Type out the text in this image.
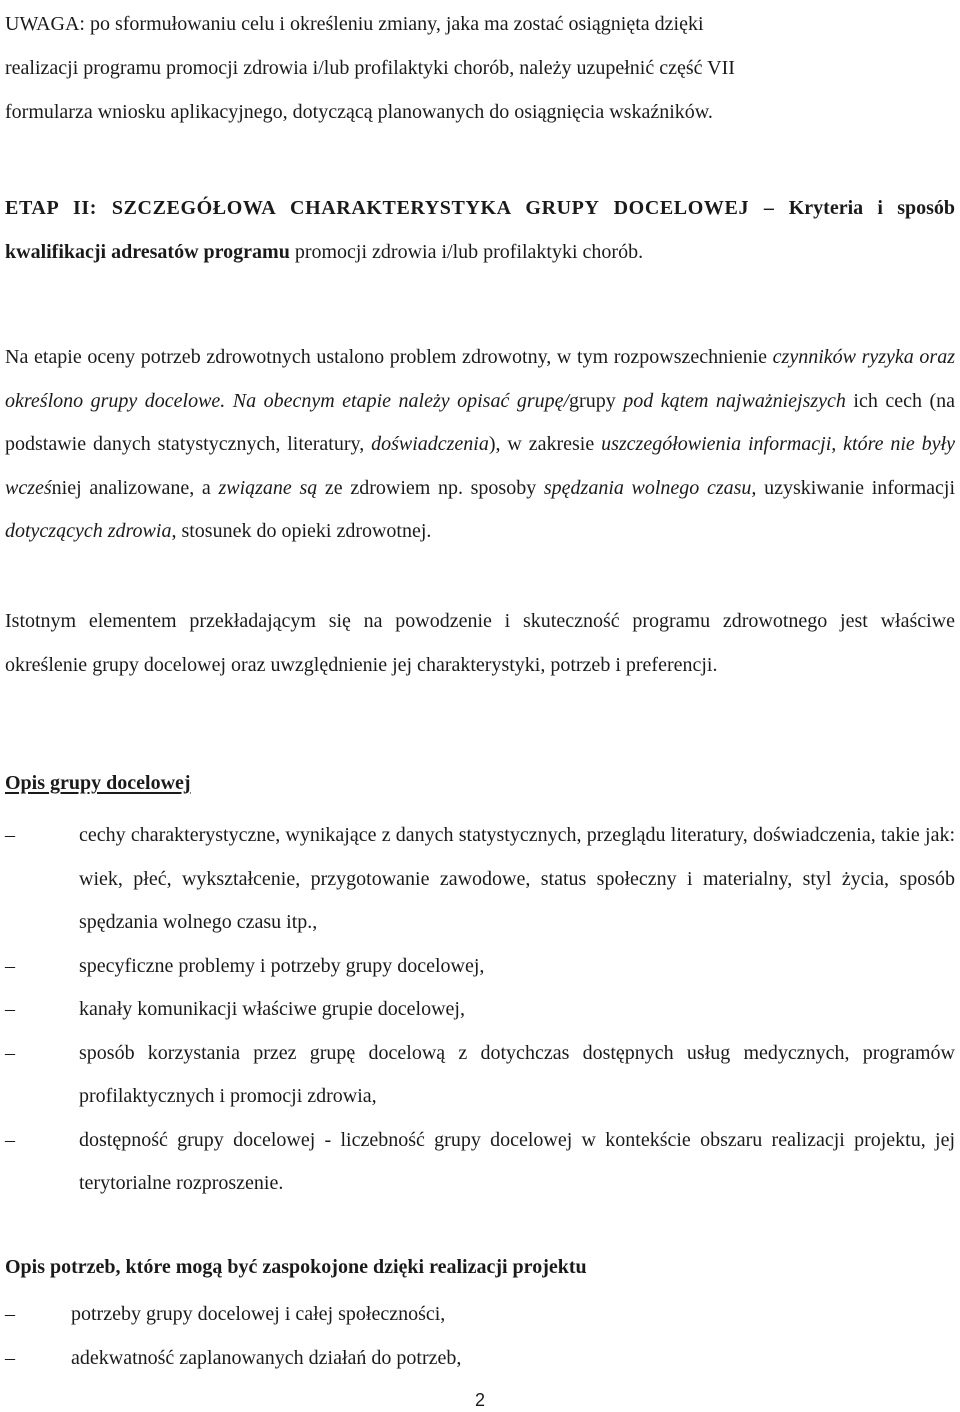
UWAGA: po sformułowaniu celu i określeniu zmiany, jaka ma zostać osiągnięta dzięki
realizacji programu promocji zdrowia i/lub profilaktyki chorób, należy uzupełnić część VII
formularza wniosku aplikacyjnego, dotyczącą planowanych do osiągnięcia wskaźników.
ETAP II: SZCZEGÓŁOWA CHARAKTERYSTYKA GRUPY DOCELOWEJ – Kryteria i sposób kwalifikacji adresatów programu promocji zdrowia i/lub profilaktyki chorób.
Na etapie oceny potrzeb zdrowotnych ustalono problem zdrowotny, w tym rozpowszechnienie czynników ryzyka oraz określono grupy docelowe. Na obecnym etapie należy opisać grupę/grupy pod kątem najważniejszych ich cech (na podstawie danych statystycznych, literatury, doświadczenia), w zakresie uszczegółowienia informacji, które nie były wcześniej analizowane, a związane są ze zdrowiem np. sposoby spędzania wolnego czasu, uzyskiwanie informacji dotyczących zdrowia, stosunek do opieki zdrowotnej.
Istotnym elementem przekładającym się na powodzenie i skuteczność programu zdrowotnego jest właściwe określenie grupy docelowej oraz uwzględnienie jej charakterystyki, potrzeb i preferencji.
Opis grupy docelowej
–	cechy charakterystyczne, wynikające z danych statystycznych, przeglądu literatury, doświadczenia, takie jak: wiek, płeć, wykształcenie, przygotowanie zawodowe, status społeczny i materialny, styl życia, sposób spędzania wolnego czasu itp.,
–	specyficzne problemy i potrzeby grupy docelowej,
–	kanały komunikacji właściwe grupie docelowej,
–	sposób korzystania przez grupę docelową z dotychczas dostępnych usług medycznych, programów profilaktycznych i promocji zdrowia,
–	dostępność grupy docelowej - liczebność grupy docelowej w kontekście obszaru realizacji projektu, jej terytorialne rozproszenie.
Opis potrzeb, które mogą być zaspokojone dzięki realizacji projektu
–	potrzeby grupy docelowej i całej społeczności,
–	adekwatność zaplanowanych działań do potrzeb,
2
